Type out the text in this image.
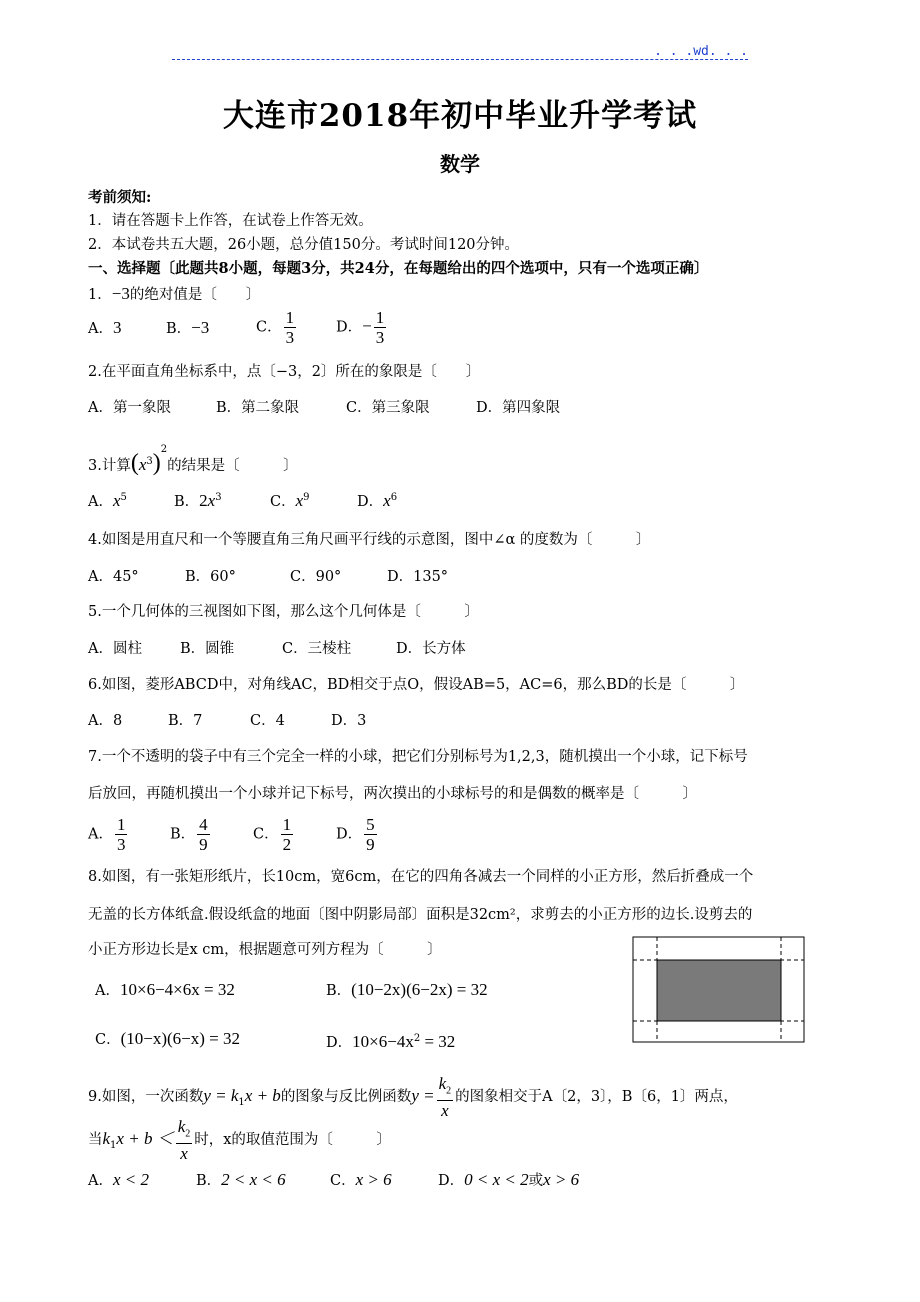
. . .wd. . .
大连市2018年初中毕业升学考试
数学
考前须知:
1．请在答题卡上作答，在试卷上作答无效。
2．本试卷共五大题，26小题，总分值150分。考试时间120分钟。
一、选择题〔此题共8小题，每题3分，共24分，在每题给出的四个选项中，只有一个选项正确〕
1．−3的绝对值是〔　　〕
A．3	B．−3	C． $\frac{1}{3}$	D．− $\frac{1}{3}$
2.在平面直角坐标系中，点〔−3，2〕所在的象限是〔　　〕
A．第一象限	B．第二象限	C．第三象限	D．第四象限
3.计算$(x^3)^2$的结果是〔　　　〕
A．$x^5$	B．$2x^3$	C．$x^9$	D．$x^6$
4.如图是用直尺和一个等腰直角三角尺画平行线的示意图，图中∠α 的度数为〔　　　〕
A．45°	B．60°	C．90°	D．135°
5.一个几何体的三视图如下图，那么这个几何体是〔　　　〕
A．圆柱	B．圆锥	C．三棱柱	D．长方体
6.如图，菱形ABCD中，对角线AC，BD相交于点O，假设AB=5，AC=6，那么BD的长是〔　　　〕
A．8	B．7	C．4	D．3
7.一个不透明的袋子中有三个完全一样的小球，把它们分别标号为1,2,3，随机摸出一个小球，记下标号
后放回，再随机摸出一个小球并记下标号，两次摸出的小球标号的和是偶数的概率是〔　　　〕
A． $\frac{1}{3}$	B． $\frac{4}{9}$	C． $\frac{1}{2}$	D． $\frac{5}{9}$
8.如图，有一张矩形纸片，长10cm，宽6cm，在它的四角各减去一个同样的小正方形，然后折叠成一个
无盖的长方体纸盒.假设纸盒的地面〔图中阴影局部〕面积是32cm²，求剪去的小正方形的边长.设剪去的
小正方形边长是x cm，根据题意可列方程为〔　　　〕
A．10×6−4×6x = 32	B．(10−2x)(6−2x) = 32
C．(10−x)(6−x) = 32	D．$10\times 6-4x^2 = 32$
9.如图，一次函数$y = k_1x + b$的图象与反比例函数$y = \frac{k_2}{x}$ 的图象相交于A〔2，3〕，B〔6，1〕两点，
当$k_1x + b < \frac{k_2}{x}$ 时，x的取值范围为〔　　　〕
A．x < 2	B．2 < x < 6	C．x > 6	D．0 < x < 2或x > 6
